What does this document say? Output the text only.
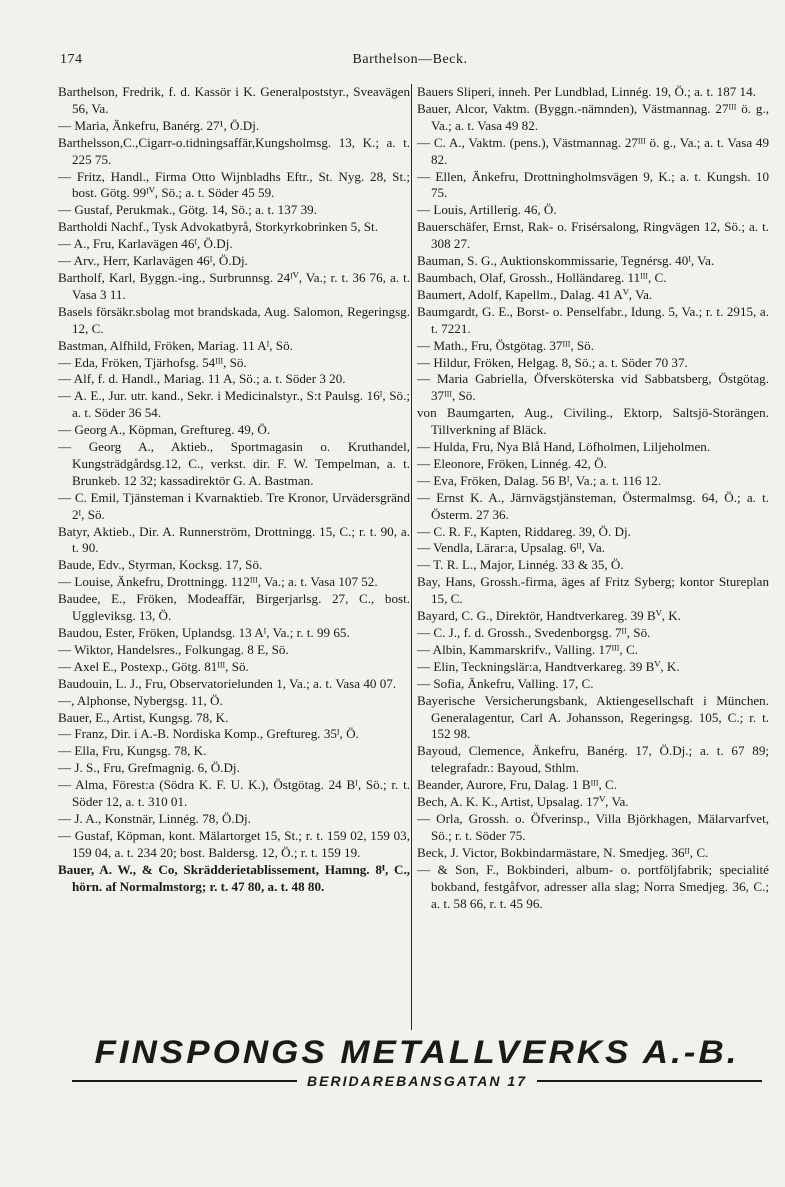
174	Barthelson—Beck.
Barthelson, Fredrik, f. d. Kassör i K. Generalpoststyr., Sveavägen 56, Va.
— Maria, Änkefru, Banérg. 27¹, Ö.Dj.
Barthelsson,C.,Cigarr-o.tidningsaffär,Kungsholmsg. 13, K.; a. t. 225 75.
— Fritz, Handl., Firma Otto Wijnbladhs Eftr., St. Nyg. 28, St.; bost. Götg. 99ᴵⱽ, Sö.; a. t. Söder 45 59.
— Gustaf, Perukmak., Götg. 14, Sö.; a. t. 137 39.
Bartholdi Nachf., Tysk Advokatbyrå, Storkyrkobrinken 5, St.
— A., Fru, Karlavägen 46ᴵ, Ö.Dj.
— Arv., Herr, Karlavägen 46ᴵ, Ö.Dj.
Bartholf, Karl, Byggn.-ing., Surbrunnsg. 24ᴵⱽ, Va.; r. t. 36 76, a. t. Vasa 3 11.
Basels försäkr.sbolag mot brandskada, Aug. Salomon, Regeringsg. 12, C.
Bastman, Alfhild, Fröken, Mariag. 11 Aᴵ, Sö.
— Eda, Fröken, Tjärhofsg. 54ᴵᴵᴵ, Sö.
— Alf, f. d. Handl., Mariag. 11 A, Sö.; a. t. Söder 3 20.
— A. E., Jur. utr. kand., Sekr. i Medicinalstyr., S:t Paulsg. 16ᴵ, Sö.; a. t. Söder 36 54.
— Georg A., Köpman, Greftureg. 49, Ö.
— Georg A., Aktieb., Sportmagasin o. Kruthandel, Kungsträdgårdsg.12, C., verkst. dir. F. W. Tempelman, a. t. Brunkeb. 12 32; kassadirektör G. A. Bastman.
— C. Emil, Tjänsteman i Kvarnaktieb. Tre Kronor, Urvädersgränd 2ᴵ, Sö.
Batyr, Aktieb., Dir. A. Runnerström, Drottningg. 15, C.; r. t. 90, a. t. 90.
Baude, Edv., Styrman, Kocksg. 17, Sö.
— Louise, Änkefru, Drottningg. 112ᴵᴵᴵ, Va.; a. t. Vasa 107 52.
Baudee, E., Fröken, Modeaffär, Birgerjarlsg. 27, C., bost. Uggleviksg. 13, Ö.
Baudou, Ester, Fröken, Uplandsg. 13 Aᴵ, Va.; r. t. 99 65.
— Wiktor, Handelsres., Folkungag. 8 E, Sö.
— Axel E., Postexp., Götg. 81ᴵᴵᴵ, Sö.
Baudouin, L. J., Fru, Observatorielunden 1, Va.; a. t. Vasa 40 07.
—, Alphonse, Nybergsg. 11, Ö.
Bauer, E., Artist, Kungsg. 78, K.
— Franz, Dir. i A.-B. Nordiska Komp., Greftureg. 35ᴵ, Ö.
— Ella, Fru, Kungsg. 78, K.
— J. S., Fru, Grefmagnig. 6, Ö.Dj.
— Alma, Förest:a (Södra K. F. U. K.), Östgötag. 24 Bᴵ, Sö.; r. t. Söder 12, a. t. 310 01.
— J. A., Konstnär, Linnég. 78, Ö.Dj.
— Gustaf, Köpman, kont. Mälartorget 15, St.; r. t. 159 02, 159 03, 159 04, a. t. 234 20; bost. Baldersg. 12, Ö.; r. t. 159 19.
Bauer, A. W., & Co, Skrädderietablissement, Hamng. 8ᴵ, C., hörn. af Normalmstorg; r. t. 47 80, a. t. 48 80.
Bauers Sliperi, inneh. Per Lundblad, Linnég. 19, Ö.; a. t. 187 14.
Bauer, Alcor, Vaktm. (Byggn.-nämnden), Västmannag. 27ᴵᴵᴵ ö. g., Va.; a. t. Vasa 49 82.
— C. A., Vaktm. (pens.), Västmannag. 27ᴵᴵᴵ ö. g., Va.; a. t. Vasa 49 82.
— Ellen, Änkefru, Drottningholmsvägen 9, K.; a. t. Kungsh. 10 75.
— Louis, Artillerig. 46, Ö.
Bauerschäfer, Ernst, Rak- o. Frisérsalong, Ringvägen 12, Sö.; a. t. 308 27.
Bauman, S. G., Auktionskommissarie, Tegnérsg. 40ᴵ, Va.
Baumbach, Olaf, Grossh., Holländareg. 11ᴵᴵᴵ, C.
Baumert, Adolf, Kapellm., Dalag. 41 Aⱽ, Va.
Baumgardt, G. E., Borst- o. Penselfabr., Idung. 5, Va.; r. t. 2915, a. t. 7221.
— Math., Fru, Östgötag. 37ᴵᴵᴵ, Sö.
— Hildur, Fröken, Helgag. 8, Sö.; a. t. Söder 70 37.
— Maria Gabriella, Öfversköterska vid Sabbatsberg, Östgötag. 37ᴵᴵᴵ, Sö.
von Baumgarten, Aug., Civiling., Ektorp, Saltsjö-Storängen. Tillverkning af Bläck.
— Hulda, Fru, Nya Blå Hand, Löfholmen, Liljeholmen.
— Eleonore, Fröken, Linnég. 42, Ö.
— Eva, Fröken, Dalag. 56 Bᴵ, Va.; a. t. 116 12.
— Ernst K. A., Järnvägstjänsteman, Östermalmsg. 64, Ö.; a. t. Österm. 27 36.
— C. R. F., Kapten, Riddareg. 39, Ö. Dj.
— Vendla, Lärar:a, Upsalag. 6ᴵᴵ, Va.
— T. R. L., Major, Linnég. 33 & 35, Ö.
Bay, Hans, Grossh.-firma, äges af Fritz Syberg; kontor Stureplan 15, C.
Bayard, C. G., Direktör, Handtverkareg. 39 Bⱽ, K.
— C. J., f. d. Grossh., Svedenborgsg. 7ᴵᴵ, Sö.
— Albin, Kammarskrifv., Valling. 17ᴵᴵᴵ, C.
— Elin, Teckningslär:a, Handtverkareg. 39 Bⱽ, K.
— Sofia, Änkefru, Valling. 17, C.
Bayerische Versicherungsbank, Aktiengesellschaft i München. Generalagentur, Carl A. Johansson, Regeringsg. 105, C.; r. t. 152 98.
Bayoud, Clemence, Änkefru, Banérg. 17, Ö.Dj.; a. t. 67 89; telegrafadr.: Bayoud, Sthlm.
Beander, Aurore, Fru, Dalag. 1 Bᴵᴵᴵ, C.
Bech, A. K. K., Artist, Upsalag. 17ⱽ, Va.
— Orla, Grossh. o. Öfverinsp., Villa Björkhagen, Mälarvarfvet, Sö.; r. t. Söder 75.
Beck, J. Victor, Bokbindarmästare, N. Smedjeg. 36ᴵᴵ, C.
— & Son, F., Bokbinderi, album- o. portföljfabrik; specialité bokband, festgåfvor, adresser alla slag; Norra Smedjeg. 36, C.; a. t. 58 66, r. t. 45 96.
FINSPONGS METALLVERKS A.-B.
BERIDAREBANSGATAN 17
